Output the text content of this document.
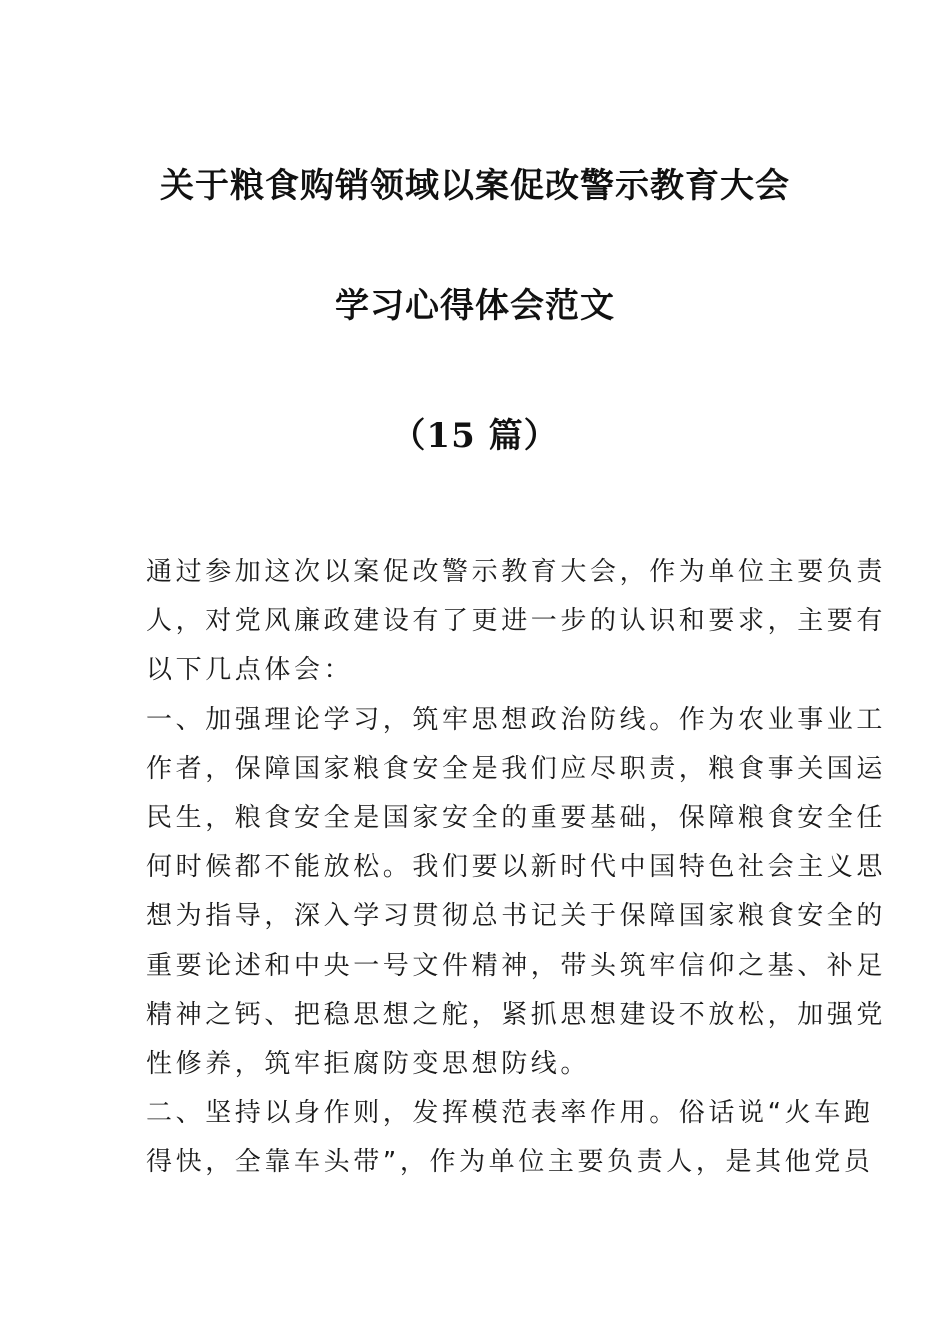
关于粮食购销领域以案促改警示教育大会
学习心得体会范文
（15 篇）
通过参加这次以案促改警示教育大会，作为单位主要负责
人，对党风廉政建设有了更进一步的认识和要求，主要有
以下几点体会：
一、加强理论学习，筑牢思想政治防线。作为农业事业工
作者，保障国家粮食安全是我们应尽职责，粮食事关国运
民生，粮食安全是国家安全的重要基础，保障粮食安全任
何时候都不能放松。我们要以新时代中国特色社会主义思
想为指导，深入学习贯彻总书记关于保障国家粮食安全的
重要论述和中央一号文件精神，带头筑牢信仰之基、补足
精神之钙、把稳思想之舵，紧抓思想建设不放松，加强党
性修养，筑牢拒腐防变思想防线。
二、坚持以身作则，发挥模范表率作用。俗话说“火车跑
得快，全靠车头带”，作为单位主要负责人，是其他党员
